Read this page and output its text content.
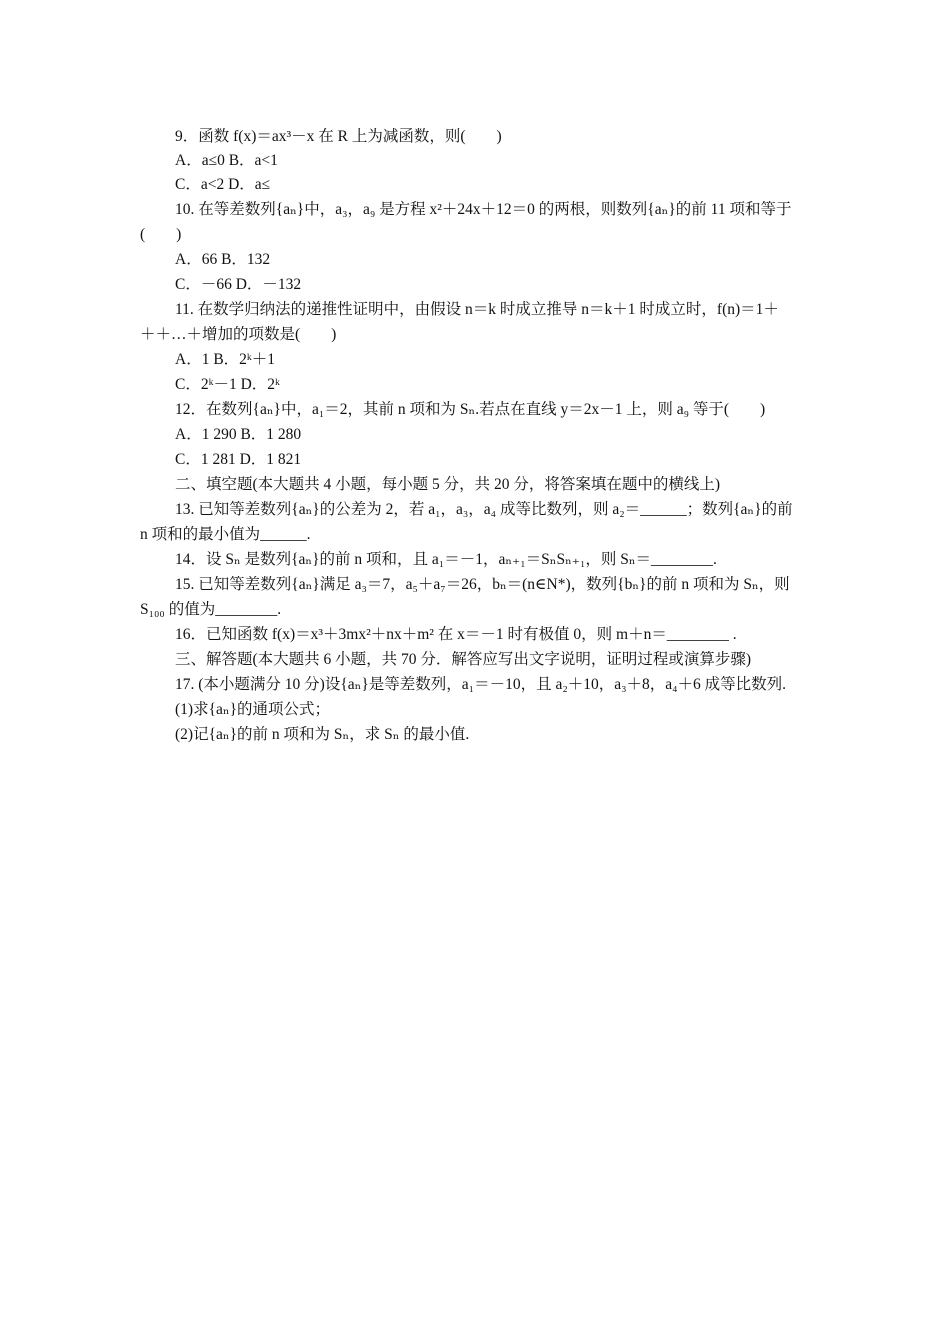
9．函数 f(x)＝ax³－x 在 R 上为减函数，则(　　)
A．a≤0 B．a<1
C．a<2 D．a≤
10. 在等差数列{aₙ}中，a₃，a₉ 是方程 x²＋24x＋12＝0 的两根，则数列{aₙ}的前 11 项和等于
(　　)
A．66 B．132
C．－66 D．－132
11. 在数学归纳法的递推性证明中，由假设 n＝k 时成立推导 n＝k＋1 时成立时，f(n)＝1＋
＋＋…＋增加的项数是(　　)
A．1 B．2ᵏ＋1
C．2ᵏ－1 D．2ᵏ
12．在数列{aₙ}中，a₁＝2，其前 n 项和为 Sₙ.若点在直线 y＝2x－1 上，则 a₉ 等于(　　)
A．1 290 B．1 280
C．1 281 D．1 821
二、填空题(本大题共 4 小题，每小题 5 分，共 20 分，将答案填在题中的横线上)
13. 已知等差数列{aₙ}的公差为 2，若 a₁，a₃，a₄ 成等比数列，则 a₂＝______；数列{aₙ}的前
n 项和的最小值为______.
14．设 Sₙ 是数列{aₙ}的前 n 项和，且 a₁＝－1，aₙ₊₁＝SₙSₙ₊₁，则 Sₙ＝________.
15. 已知等差数列{aₙ}满足 a₃＝7，a₅＋a₇＝26，bₙ＝(n∈N*)，数列{bₙ}的前 n 项和为 Sₙ，则
S₁₀₀ 的值为________.
16．已知函数 f(x)＝x³＋3mx²＋nx＋m² 在 x＝－1 时有极值 0，则 m＋n＝________ .
三、解答题(本大题共 6 小题，共 70 分．解答应写出文字说明，证明过程或演算步骤)
17. (本小题满分 10 分)设{aₙ}是等差数列，a₁＝－10，且 a₂＋10，a₃＋8，a₄＋6 成等比数列.
(1)求{aₙ}的通项公式；
(2)记{aₙ}的前 n 项和为 Sₙ，求 Sₙ 的最小值.
